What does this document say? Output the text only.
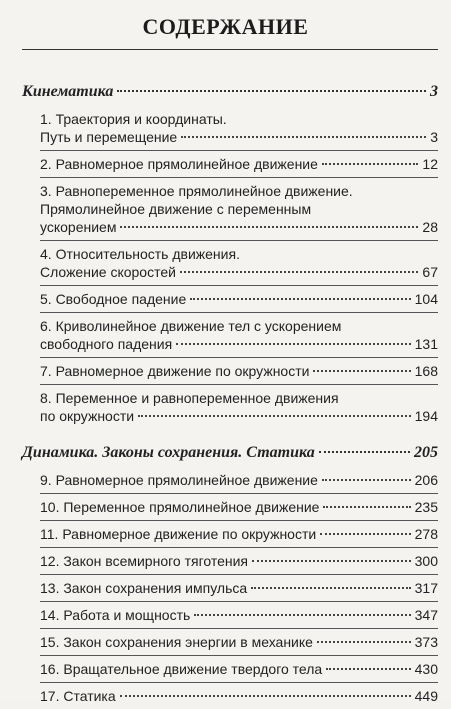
СОДЕРЖАНИЕ
Кинематика	3
1. Траектория и координаты.
Путь и перемещение	3
2. Равномерное прямолинейное движение	12
3. Равнопеременное прямолинейное движение.
Прямолинейное движение с переменным
ускорением	28
4. Относительность движения.
Сложение скоростей	67
5. Свободное падение	104
6. Криволинейное движение тел с ускорением
свободного падения	131
7. Равномерное движение по окружности	168
8. Переменное и равнопеременное движения
по окружности	194
Динамика. Законы сохранения. Статика	205
9. Равномерное прямолинейное движение	206
10. Переменное прямолинейное движение	235
11. Равномерное движение по окружности	278
12. Закон всемирного тяготения	300
13. Закон сохранения импульса	317
14. Работа и мощность	347
15. Закон сохранения энергии в механике	373
16. Вращательное движение твердого тела	430
17. Статика	449
